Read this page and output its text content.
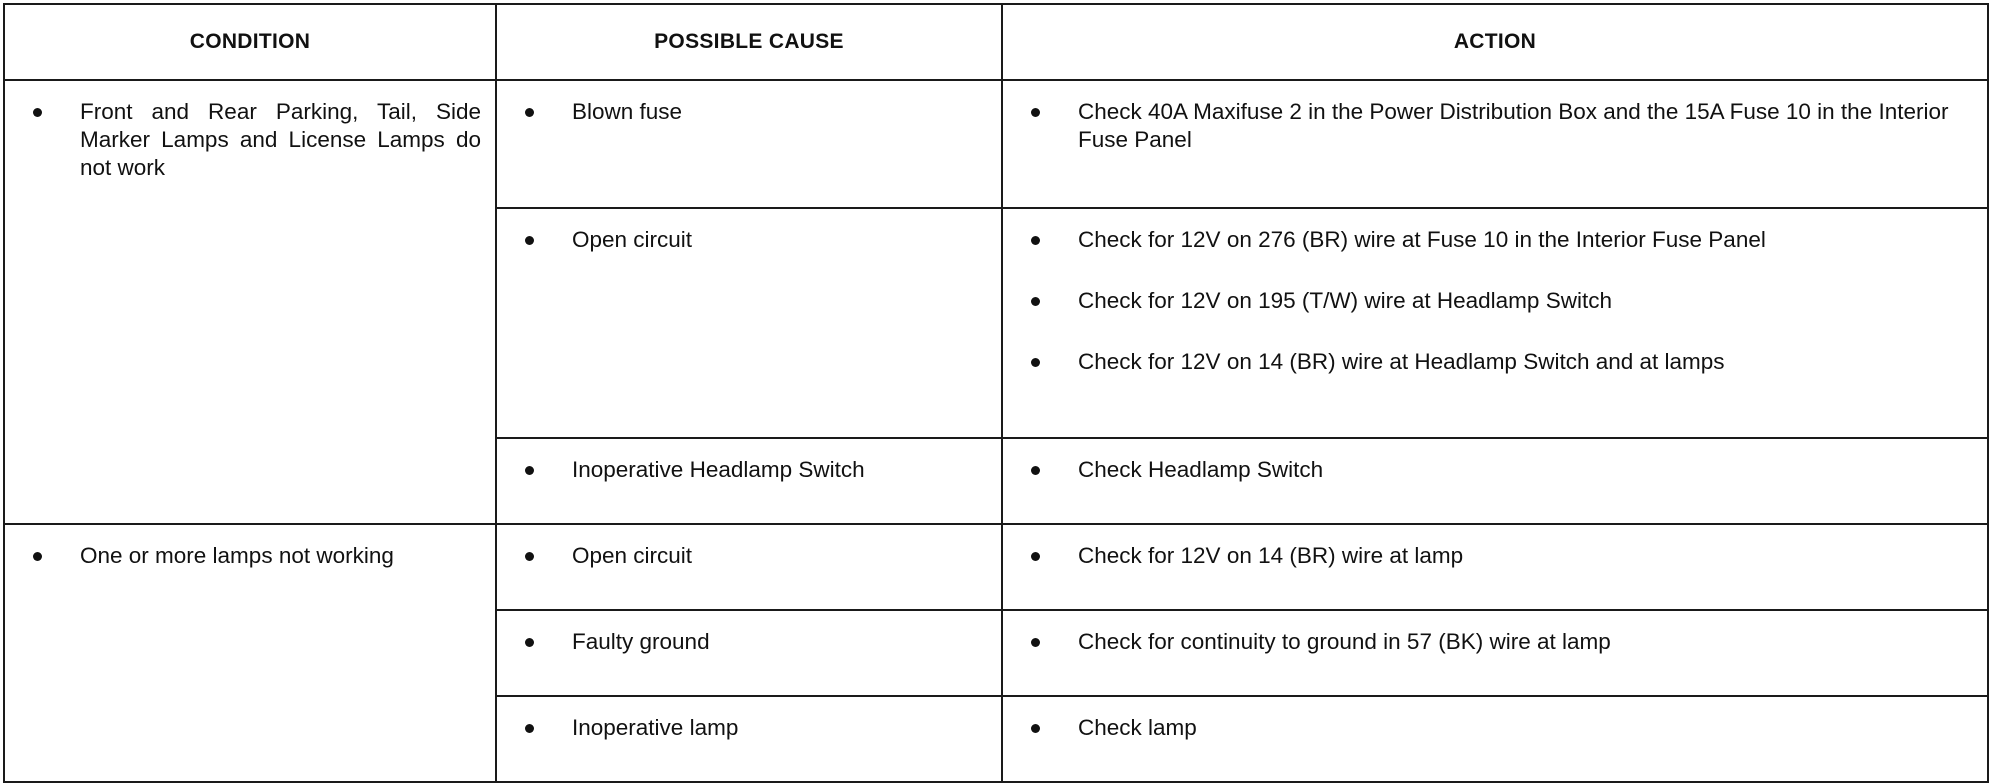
CONDITION	POSSIBLE CAUSE	ACTION

Front and Rear Parking, Tail, Side Marker Lamps and License Lamps do not work	Blown fuse	Check 40A Maxifuse 2 in the Power Distribution Box and the 15A Fuse 10 in the Interior Fuse Panel

	Open circuit	Check for 12V on 276 (BR) wire at Fuse 10 in the Interior Fuse Panel
Check for 12V on 195 (T/W) wire at Headlamp Switch
Check for 12V on 14 (BR) wire at Headlamp Switch and at lamps

	Inoperative Headlamp Switch	Check Headlamp Switch

One or more lamps not working	Open circuit	Check for 12V on 14 (BR) wire at lamp

	Faulty ground	Check for continuity to ground in 57 (BK) wire at lamp

	Inoperative lamp	Check lamp
